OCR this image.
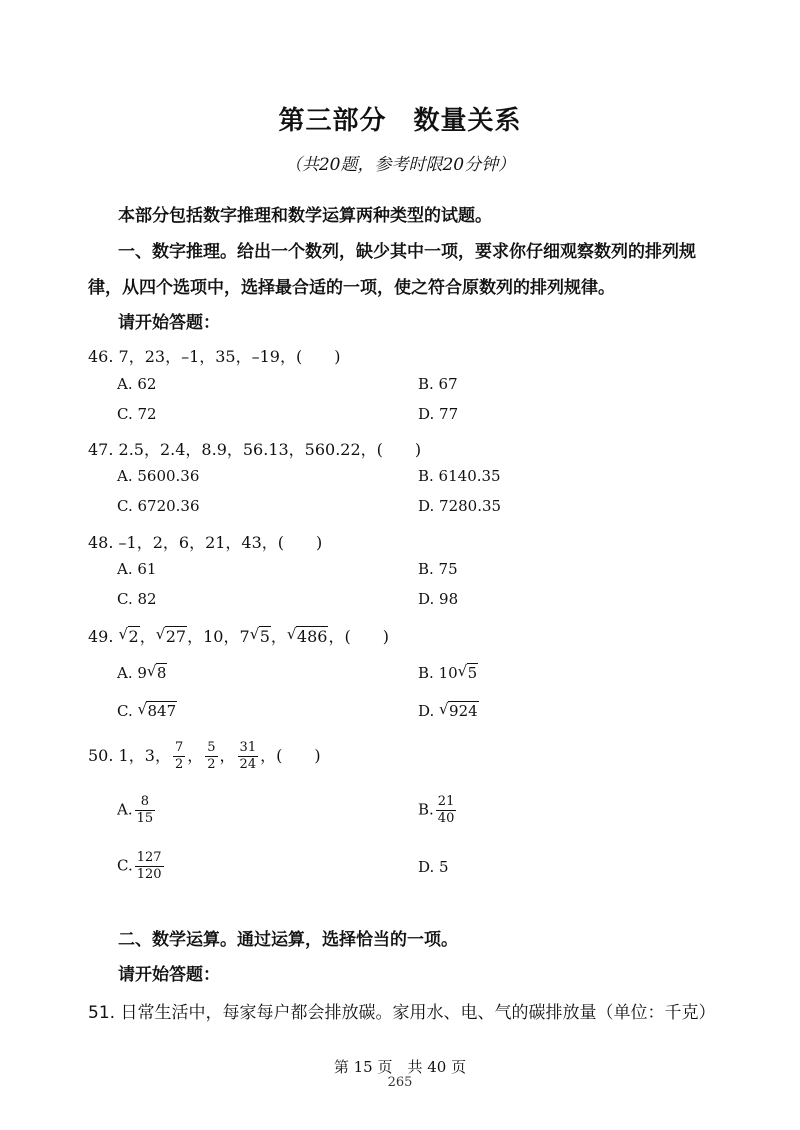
第三部分　数量关系
（共20题，参考时限20分钟）
本部分包括数字推理和数学运算两种类型的试题。
一、数字推理。给出一个数列，缺少其中一项，要求你仔细观察数列的排列规律，从四个选项中，选择最合适的一项，使之符合原数列的排列规律。
请开始答题：
46. 7，23，–1，35，–19，(　　)
A. 62	B. 67
C. 72	D. 77
47. 2.5，2.4，8.9，56.13，560.22，(　　)
A. 5600.36	B. 6140.35
C. 6720.36	D. 7280.35
48. –1，2，6，21，43，(　　)
A. 61	B. 75
C. 82	D. 98
49. √ 2， √ 27，10，7 √ 5， √ 486，(　　)
A. 9 √ 8	B. 10 √ 5
C. √ 847	D. √ 924
50. 1，3， $\frac{7}{2}$ ， $\frac{5}{2}$ ， $\frac{31}{24}$ ，(　　)
A. $\frac{8}{15}$	B. $\frac{21}{40}$
C. $\frac{127}{120}$	D. 5
二、数学运算。通过运算，选择恰当的一项。
请开始答题：
51. 日常生活中，每家每户都会排放碳。家用水、电、气的碳排放量（单位：千克）
第 15 页　共 40 页
265
